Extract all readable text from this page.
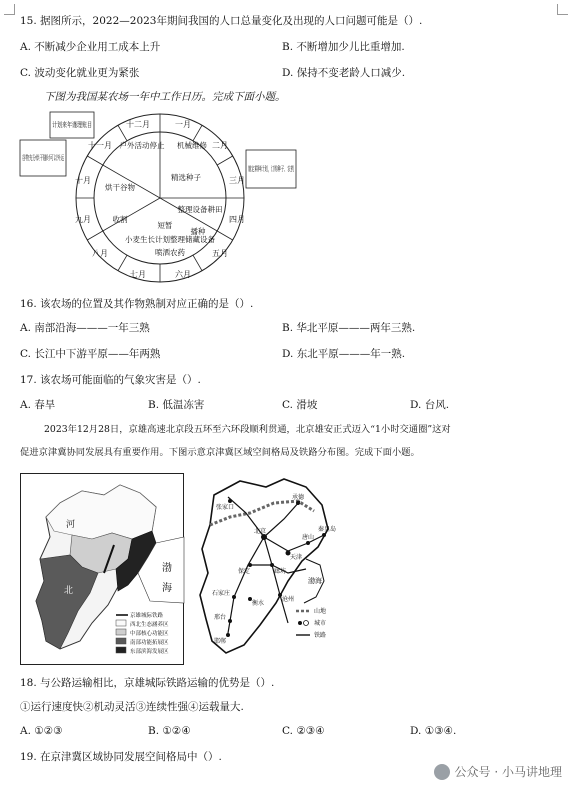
15. 据图所示，2022—2023年期间我国的人口总量变化及出现的人口问题可能是（）.
A. 不断减少企业用工成本上升	B. 不断增加少儿比重增加.
C. 波动变化就业更为紧张	D. 保持不变老龄人口减少.
下图为我国某农场一年中工作日历。完成下面小题。
十二月	一月
二月
三月
四月
五月
六月
七月
八月
九月
十月
十一月 户外活动停止 机械维修
精选种子
整理设备耕田
播种
短暂
小麦生长计划整理储藏设备
喷洒农药
收割
烘干谷物
计划来年谨理账目
制定耕种计划，订购种子、农药
16. 该农场的位置及其作物熟制对应正确的是（）.
A. 南部沿海———一年三熟	B. 华北平原———两年三熟.
C. 长江中下游平原——年两熟	D. 东北平原———年一熟.
17. 该农场可能面临的气象灾害是（）.
A. 春旱	B. 低温冻害	C. 滑坡	D. 台风.
2023年12月28日，京雄高速北京段五环至六环段顺利贯通，北京雄安正式迈入“1小时交通圈”这对
促进京津冀协同发展具有重要作用。下图示意京津冀区域空间格局及铁路分布图。完成下面小题。
河
北
渤
海
京雄城际铁路
西北生态涵养区
中部核心功能区
南部功能拓展区
东部滨海发展区
北京
天津
唐山
秦皇岛
保定	廊坊
沧州
衡水
石家庄
邢台
邯郸
张家口
承德
渤海
山地
城市
铁路
18. 与公路运输相比，京雄城际铁路运输的优势是（）.
①运行速度快②机动灵活③连续性强④运载量大.
A. ①②③	B. ①②④	C. ②③④	D. ①③④.
19. 在京津冀区域协同发展空间格局中（）.
公众号 · 小马讲地理
